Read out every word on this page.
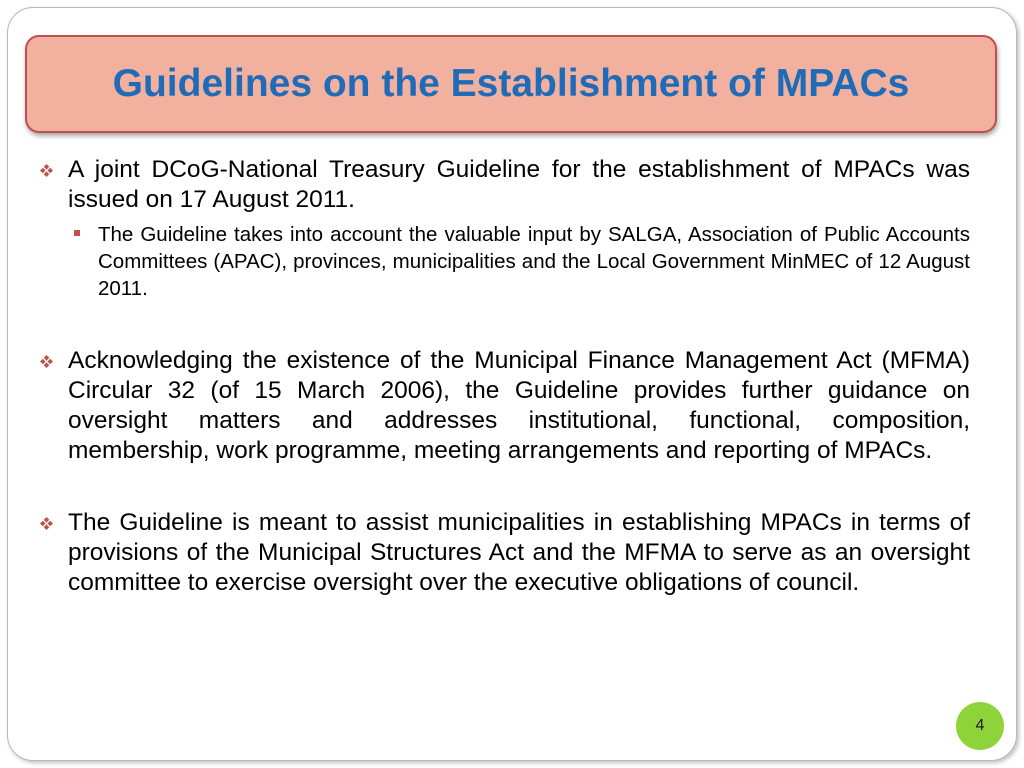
Guidelines on the Establishment of MPACs
A joint DCoG-National Treasury Guideline for the establishment of MPACs was issued on 17 August 2011.
The Guideline takes into account the valuable input by SALGA, Association of Public Accounts Committees (APAC), provinces, municipalities and the Local Government MinMEC of 12 August 2011.
Acknowledging the existence of the Municipal Finance Management Act (MFMA) Circular 32 (of 15 March 2006), the Guideline provides further guidance on oversight matters and addresses institutional, functional, composition, membership, work programme, meeting arrangements and reporting of MPACs.
The Guideline is meant to assist municipalities in establishing MPACs in terms of provisions of the Municipal Structures Act and the MFMA to serve as an oversight committee to exercise oversight over the executive obligations of council.
4
